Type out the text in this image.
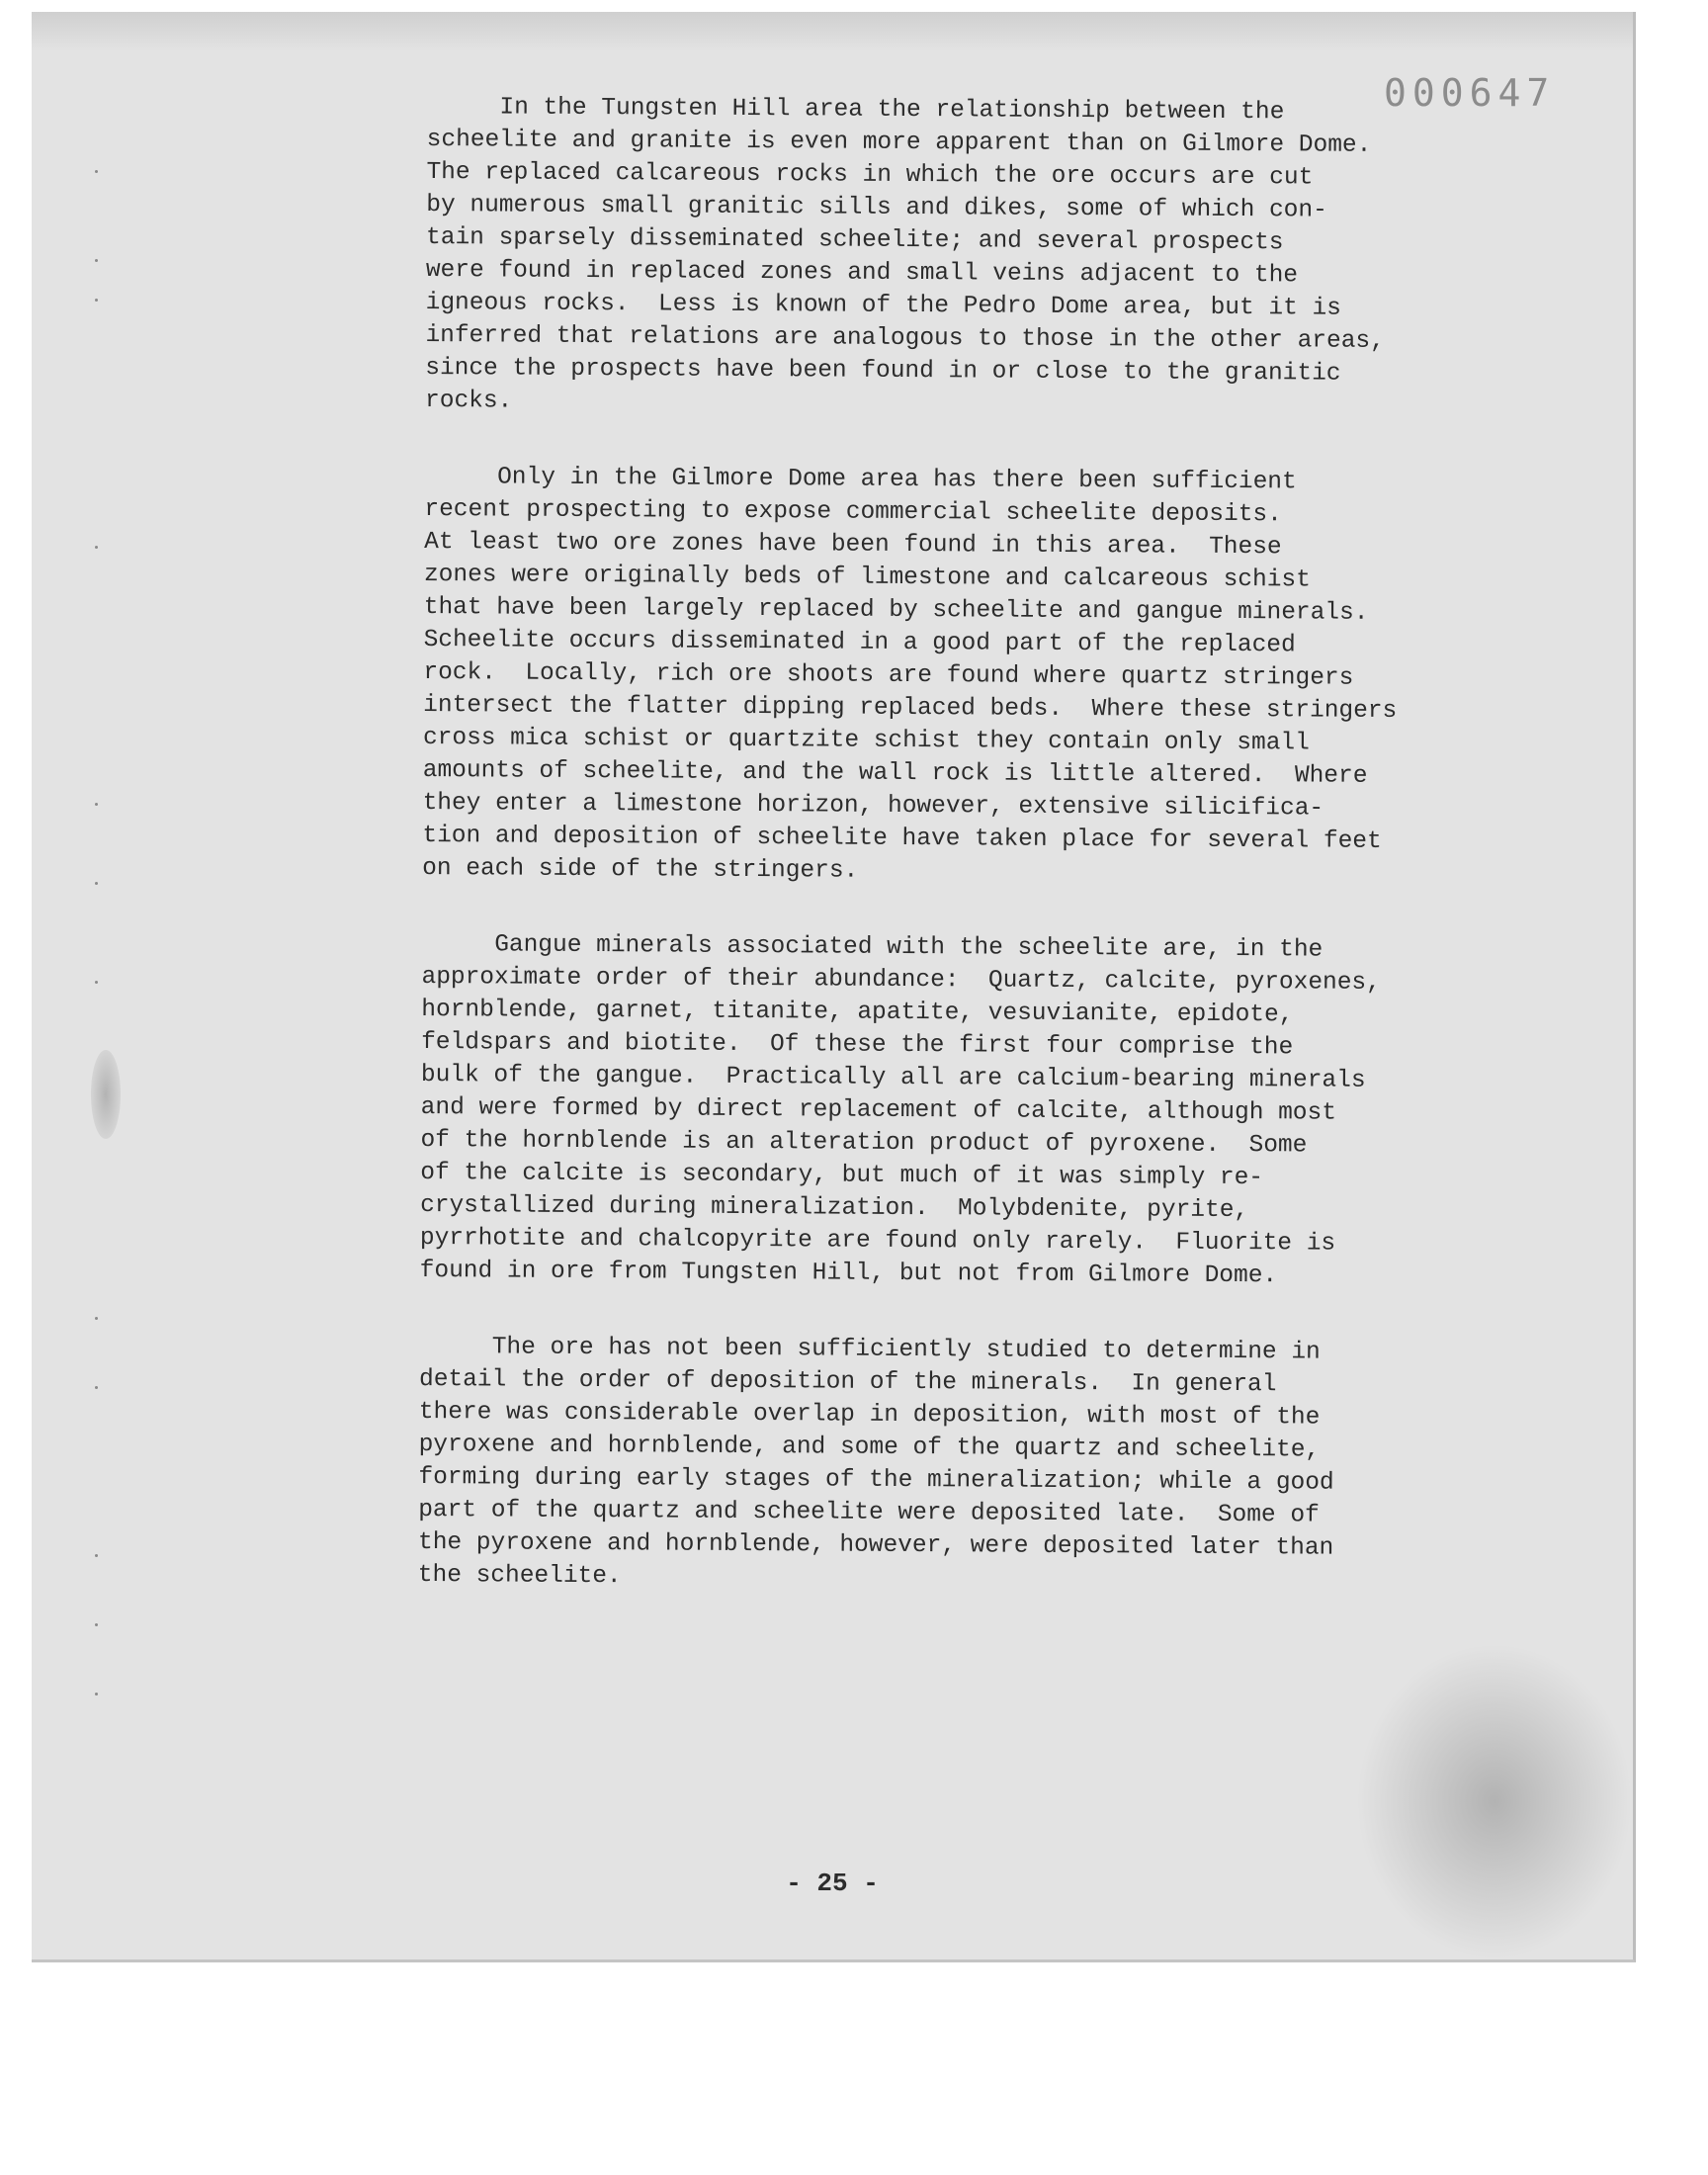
000647

In the Tungsten Hill area the relationship between the
scheelite and granite is even more apparent than on Gilmore Dome.
The replaced calcareous rocks in which the ore occurs are cut
by numerous small granitic sills and dikes, some of which con-
tain sparsely disseminated scheelite; and several prospects
were found in replaced zones and small veins adjacent to the
igneous rocks.  Less is known of the Pedro Dome area, but it is
inferred that relations are analogous to those in the other areas,
since the prospects have been found in or close to the granitic
rocks.

Only in the Gilmore Dome area has there been sufficient
recent prospecting to expose commercial scheelite deposits.
At least two ore zones have been found in this area.  These
zones were originally beds of limestone and calcareous schist
that have been largely replaced by scheelite and gangue minerals.
Scheelite occurs disseminated in a good part of the replaced
rock.  Locally, rich ore shoots are found where quartz stringers
intersect the flatter dipping replaced beds.  Where these stringers
cross mica schist or quartzite schist they contain only small
amounts of scheelite, and the wall rock is little altered.  Where
they enter a limestone horizon, however, extensive silicifica-
tion and deposition of scheelite have taken place for several feet
on each side of the stringers.

Gangue minerals associated with the scheelite are, in the
approximate order of their abundance:  Quartz, calcite, pyroxenes,
hornblende, garnet, titanite, apatite, vesuvianite, epidote,
feldspars and biotite.  Of these the first four comprise the
bulk of the gangue.  Practically all are calcium-bearing minerals
and were formed by direct replacement of calcite, although most
of the hornblende is an alteration product of pyroxene.  Some
of the calcite is secondary, but much of it was simply re-
crystallized during mineralization.  Molybdenite, pyrite,
pyrrhotite and chalcopyrite are found only rarely.  Fluorite is
found in ore from Tungsten Hill, but not from Gilmore Dome.

The ore has not been sufficiently studied to determine in
detail the order of deposition of the minerals.  In general
there was considerable overlap in deposition, with most of the
pyroxene and hornblende, and some of the quartz and scheelite,
forming during early stages of the mineralization; while a good
part of the quartz and scheelite were deposited late.  Some of
the pyroxene and hornblende, however, were deposited later than
the scheelite.

- 25 -
